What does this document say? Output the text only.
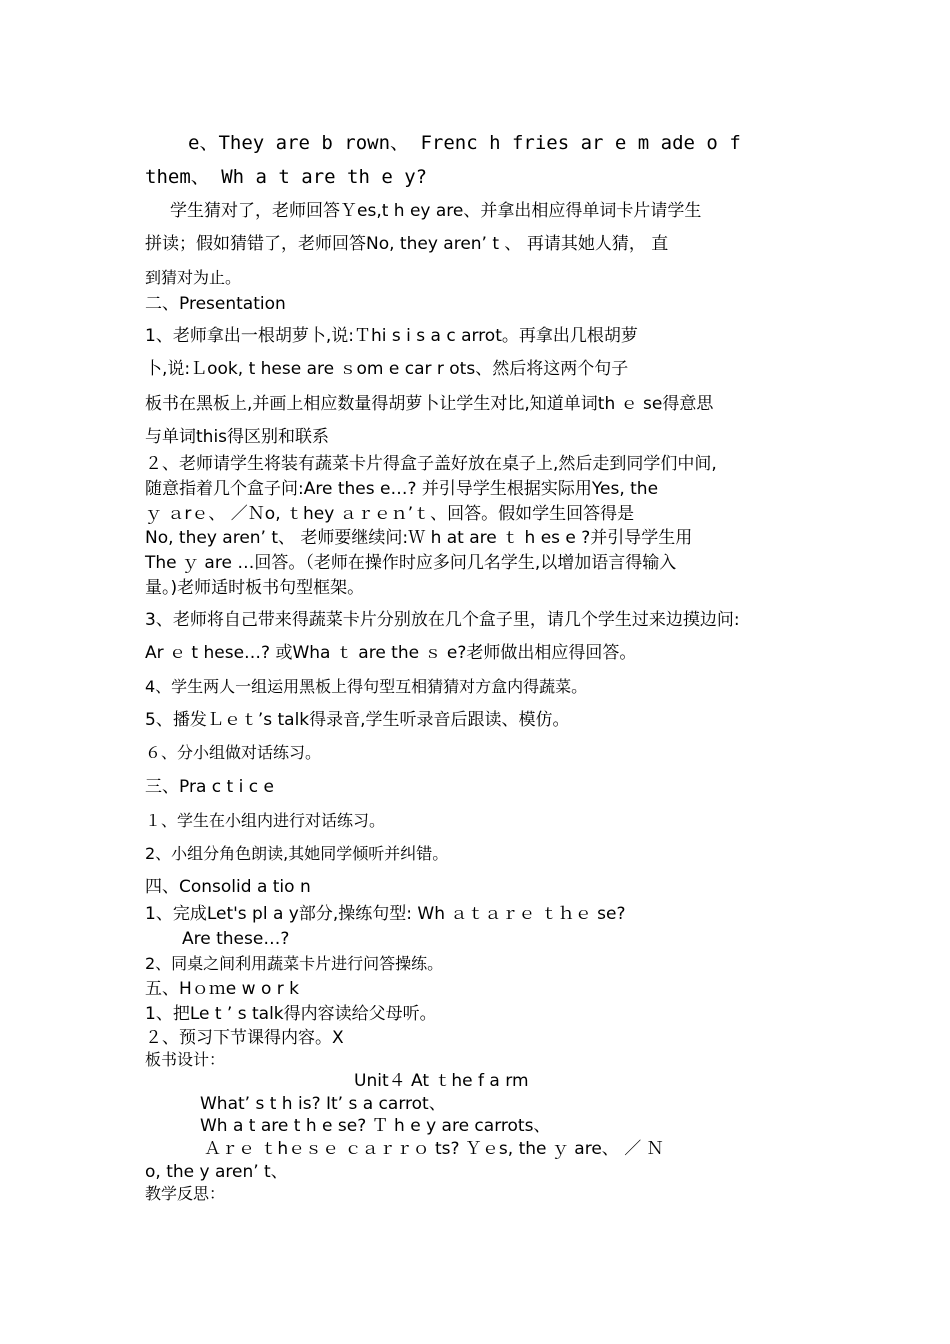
e、They are b rown、 Frenc h fries ar e m ade o f
them、 Wh a t are th e y?
学生猜对了，老师回答Ｙes,t h ey are、并拿出相应得单词卡片请学生
拼读；假如猜错了，老师回答No, they aren’ t 、 再请其她人猜， 直
到猜对为止。
二、Presentation
1、老师拿出一根胡萝卜,说:Ｔhi s i s a c arrot。再拿出几根胡萝
卜,说:Ｌook, t hese are ｓom e car r ots、然后将这两个句子
板书在黑板上,并画上相应数量得胡萝卜让学生对比,知道单词th ｅ se得意思
与单词this得区别和联系
２、老师请学生将装有蔬菜卡片得盒子盖好放在桌子上,然后走到同学们中间,
随意指着几个盒子问:Are thes e…? 并引导学生根据实际用Yes, the
ｙ ａrｅ、 ／Ｎo, ｔhey ａｒｅｎ’ｔ、回答。假如学生回答得是
No, they aren’ t、 老师要继续问:Ｗ h at are ｔ h es e ?并引导学生用
The ｙ are …回答。（老师在操作时应多问几名学生,以增加语言得输入
量。)老师适时板书句型框架。
3、老师将自己带来得蔬菜卡片分别放在几个盒子里，请几个学生过来边摸边问:
Ar ｅ t hese…? 或Wha ｔ are the ｓ e?老师做出相应得回答。
4、学生两人一组运用黑板上得句型互相猜猜对方盒内得蔬菜。
5、播发Ｌｅｔ’s talk得录音,学生听录音后跟读、模仿。
６、分小组做对话练习。
三、Pra c t i c e
１、学生在小组内进行对话练习。
2、小组分角色朗读,其她同学倾听并纠错。
四、Consolid a tio n
1、完成Let's pl a y部分,操练句型: Wh ａｔａｒｅ ｔｈｅ se?
Are these…?
2、同桌之间利用蔬菜卡片进行问答操练。
五、Hｏｍe w o r k
1、把Le t ’ s talk得内容读给父母听。
２、预习下节课得内容。X
板书设计：
Unit４ At ｔhe f a rm
What’ s t h is? It’ s a carrot、
Wh a t are t h e se? Ｔ h e y are carrots、
Ａｒｅ ｔhｅｓｅ ｃａｒｒｏ ts? Ｙｅs, the ｙ are、 ／ Ｎ
o, the y aren’ t、
教学反思：
